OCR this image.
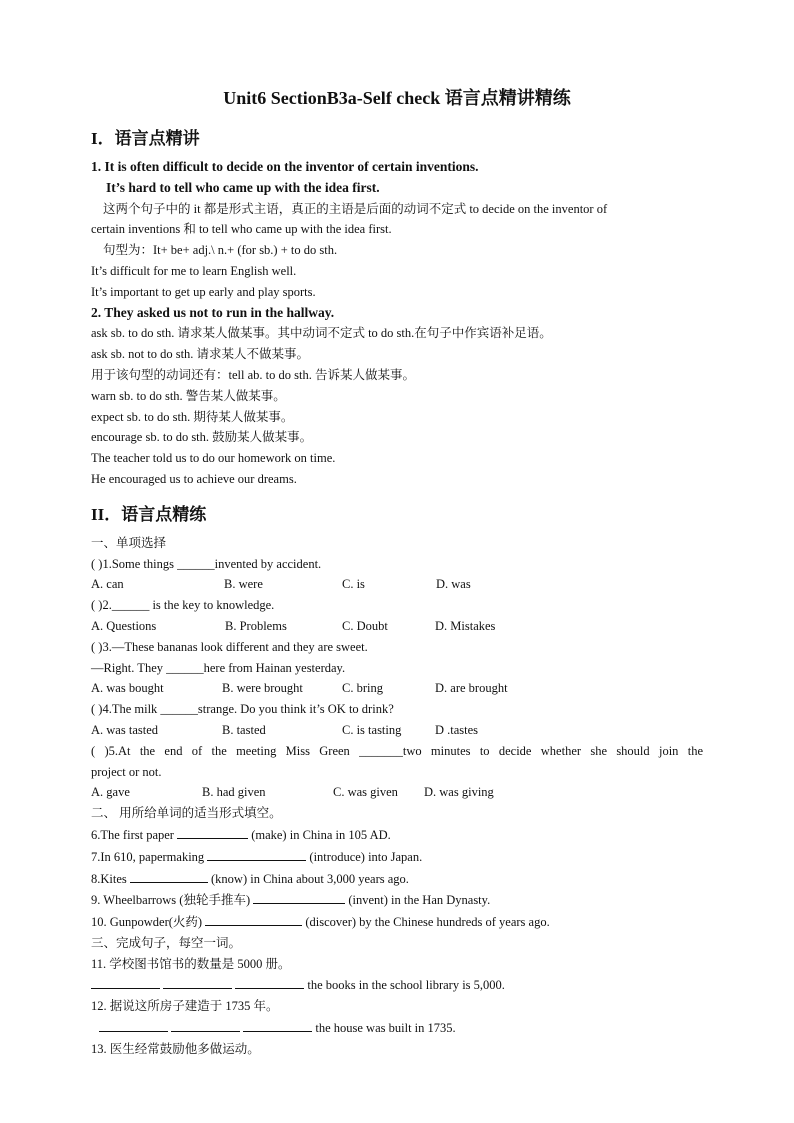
Unit6 SectionB3a-Self check 语言点精讲精练
I．语言点精讲
1. It is often difficult to decide on the inventor of certain inventions.
It’s hard to tell who came up with the idea first.
这两个句子中的 it 都是形式主语，真正的主语是后面的动词不定式 to decide on the inventor of
certain inventions 和 to tell who came up with the idea first.
句型为：It+ be+ adj.\ n.+ (for sb.) + to do sth.
It’s difficult for me to learn English well.
It’s important to get up early and play sports.
2. They asked us not to run in the hallway.
ask sb. to do sth. 请求某人做某事。其中动词不定式 to do sth.在句子中作宾语补足语。
ask sb. not to do sth. 请求某人不做某事。
用于该句型的动词还有：tell ab. to do sth. 告诉某人做某事。
warn sb. to do sth. 警告某人做某事。
expect sb. to do sth. 期待某人做某事。
encourage sb. to do sth. 鼓励某人做某事。
The teacher told us to do our homework on time.
He encouraged us to achieve our dreams.
II．语言点精练
一、单项选择
( )1.Some things ______invented by accident.
A. can	B. were	C. is	D. was
( )2.______ is the key to knowledge.
A. Questions	B. Problems	C. Doubt	D. Mistakes
( )3.—These bananas look different and they are sweet.
—Right. They ______here from Hainan yesterday.
A. was bought	B. were brought	C. bring	D. are brought
( )4.The milk ______strange. Do you think it’s OK to drink?
A. was tasted	B. tasted	C. is tasting	D .tastes
( )5.At the end of the meeting Miss Green _______two minutes to decide whether she should join the
project or not.
A. gave	B. had given	C. was given	D. was giving
二、 用所给单词的适当形式填空。
6.The first paper	(make) in China in 105 AD.
7.In 610, papermaking	(introduce) into Japan.
8.Kites	(know) in China about 3,000 years ago.
9. Wheelbarrows (独轮手推车)	(invent) in the Han Dynasty.
10. Gunpowder(火药)	(discover) by the Chinese hundreds of years ago.
三、完成句子，每空一词。
11. 学校图书馆书的数量是 5000 册。
the books in the school library is 5,000.
12. 据说这所房子建造于 1735 年。
the house was built in 1735.
13. 医生经常鼓励他多做运动。
